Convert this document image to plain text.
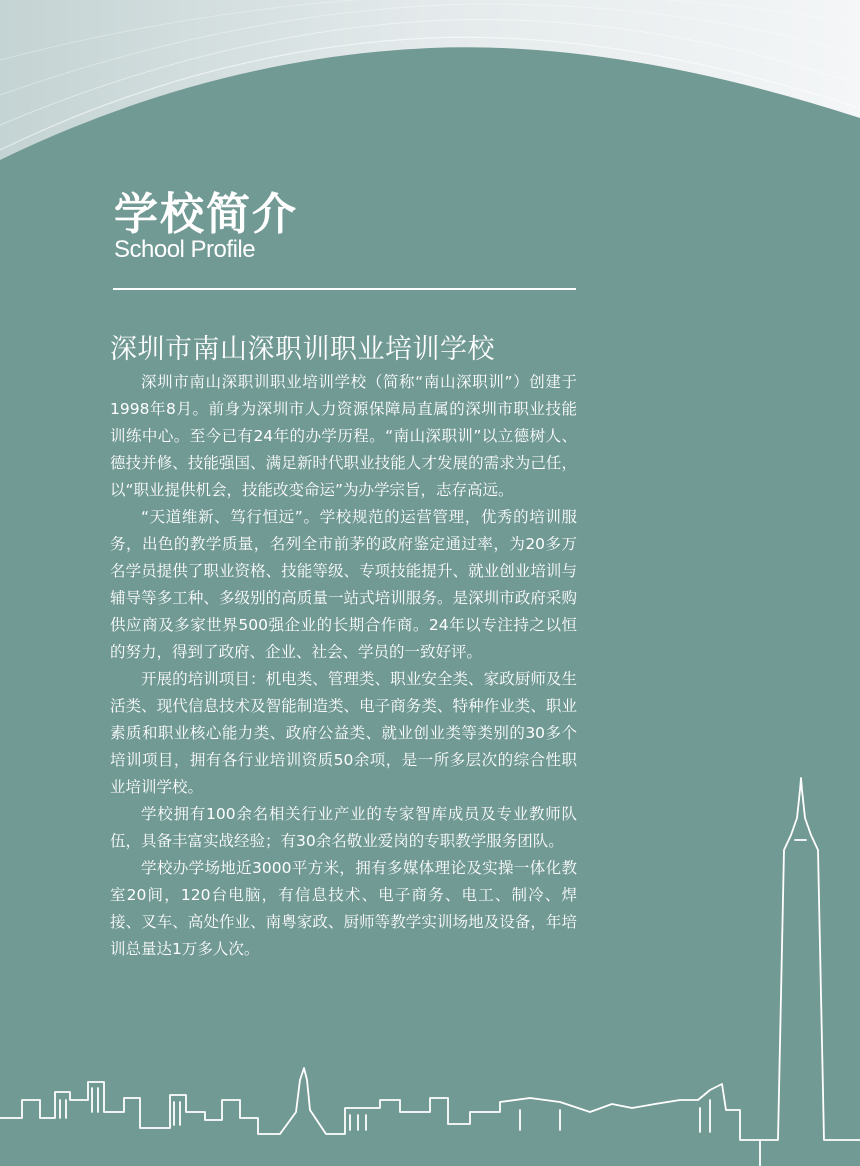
学校简介
School Profile
深圳市南山深职训职业培训学校

深圳市南山深职训职业培训学校（简称“南山深职训”）创建于1998年8月。前身为深圳市人力资源保障局直属的深圳市职业技能训练中心。至今已有24年的办学历程。“南山深职训”以立德树人、德技并修、技能强国、满足新时代职业技能人才发展的需求为己任，以“职业提供机会，技能改变命运”为办学宗旨，志存高远。

“天道维新、笃行恒远”。学校规范的运营管理，优秀的培训服务，出色的教学质量，名列全市前茅的政府鉴定通过率，为20多万名学员提供了职业资格、技能等级、专项技能提升、就业创业培训与辅导等多工种、多级别的高质量一站式培训服务。是深圳市政府采购供应商及多家世界500强企业的长期合作商。24年以专注持之以恒的努力，得到了政府、企业、社会、学员的一致好评。

开展的培训项目：机电类、管理类、职业安全类、家政厨师及生活类、现代信息技术及智能制造类、电子商务类、特种作业类、职业素质和职业核心能力类、政府公益类、就业创业类等类别的30多个培训项目，拥有各行业培训资质50余项，是一所多层次的综合性职业培训学校。

学校拥有100余名相关行业产业的专家智库成员及专业教师队伍，具备丰富实战经验；有30余名敬业爱岗的专职教学服务团队。

学校办学场地近3000平方米，拥有多媒体理论及实操一体化教室20间，120台电脑，有信息技术、电子商务、电工、制冷、焊接、叉车、高处作业、南粤家政、厨师等教学实训场地及设备，年培训总量达1万多人次。
